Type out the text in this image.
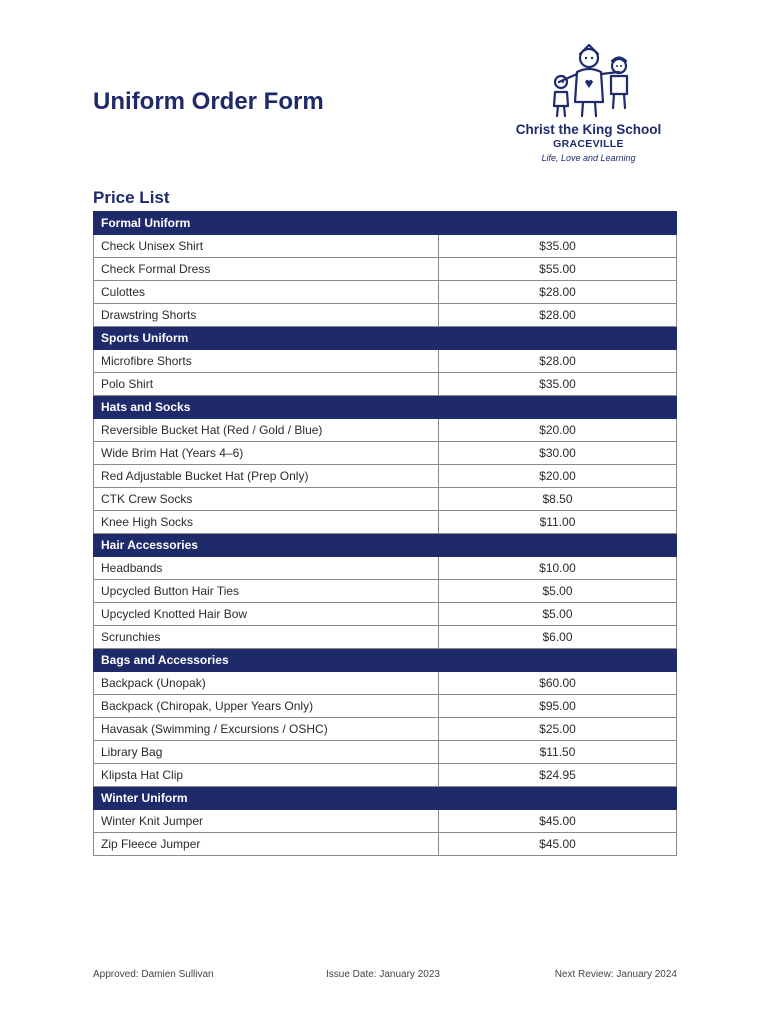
Uniform Order Form
Christ the King School
GRACEVILLE
Life, Love and Learning
Price List
Formal Uniform	
Check Unisex Shirt	$35.00
Check Formal Dress	$55.00
Culottes	$28.00
Drawstring Shorts	$28.00
Sports Uniform	
Microfibre Shorts	$28.00
Polo Shirt	$35.00
Hats and Socks	
Reversible Bucket Hat (Red / Gold / Blue)	$20.00
Wide Brim Hat (Years 4–6)	$30.00
Red Adjustable Bucket Hat (Prep Only)	$20.00
CTK Crew Socks	$8.50
Knee High Socks	$11.00
Hair Accessories	
Headbands	$10.00
Upcycled Button Hair Ties	$5.00
Upcycled Knotted Hair Bow	$5.00
Scrunchies	$6.00
Bags and Accessories	
Backpack (Unopak)	$60.00
Backpack (Chiropak, Upper Years Only)	$95.00
Havasak (Swimming / Excursions / OSHC)	$25.00
Library Bag	$11.50
Klipsta Hat Clip	$24.95
Winter Uniform	
Winter Knit Jumper	$45.00
Zip Fleece Jumper	$45.00
Approved: Damien Sullivan	Issue Date: January 2023	Next Review: January 2024
